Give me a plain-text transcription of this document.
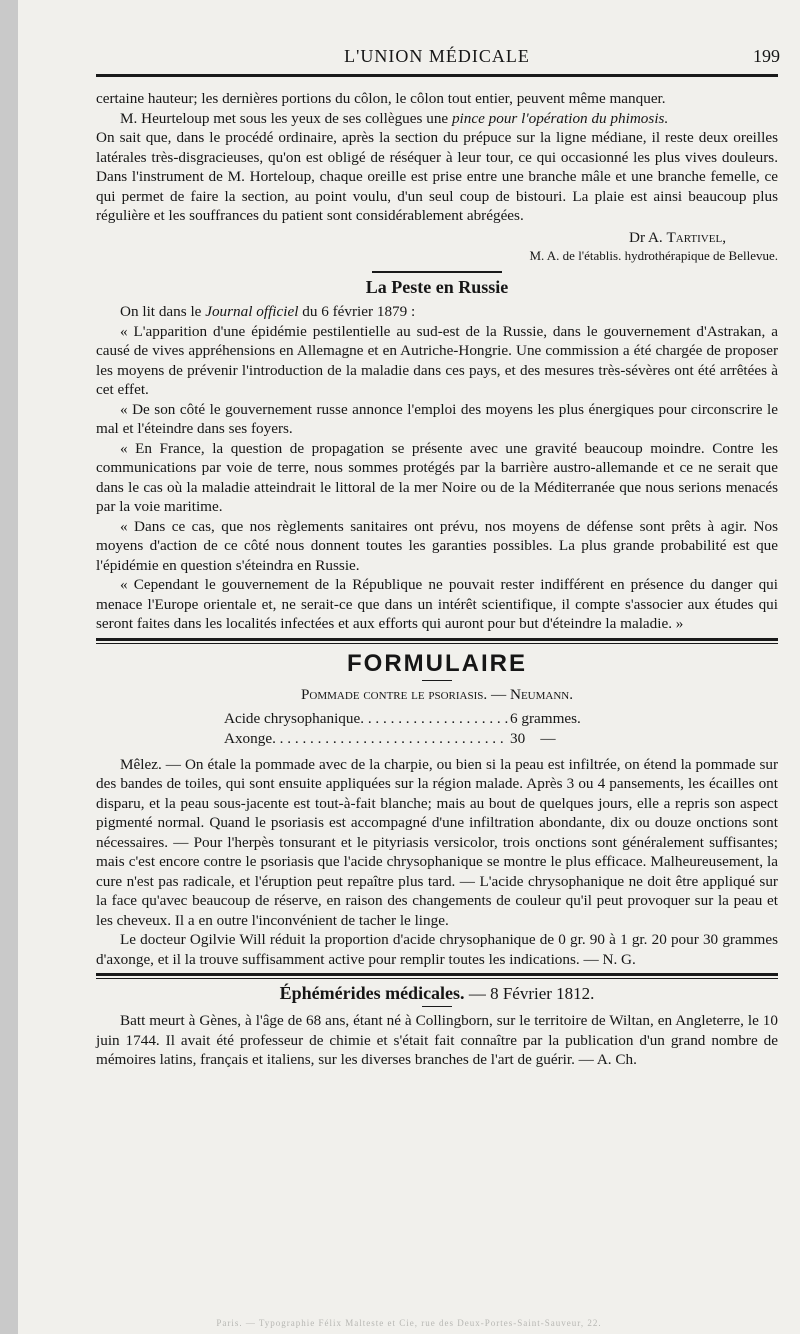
L'UNION MÉDICALE	199

certaine hauteur; les dernières portions du côlon, le côlon tout entier, peuvent même manquer.

M. Heurteloup met sous les yeux de ses collègues une pince pour l'opération du phimosis.

On sait que, dans le procédé ordinaire, après la section du prépuce sur la ligne médiane, il reste deux oreilles latérales très-disgracieuses, qu'on est obligé de réséquer à leur tour, ce qui occasionné les plus vives douleurs. Dans l'instrument de M. Horteloup, chaque oreille est prise entre une branche mâle et une branche femelle, ce qui permet de faire la section, au point voulu, d'un seul coup de bistouri. La plaie est ainsi beaucoup plus régulière et les souffrances du patient sont considérablement abrégées.

Dr A. Tartivel,
M. A. de l'établis. hydrothérapique de Bellevue.
La Peste en Russie

On lit dans le Journal officiel du 6 février 1879 :

« L'apparition d'une épidémie pestilentielle au sud-est de la Russie, dans le gouvernement d'Astrakan, a causé de vives appréhensions en Allemagne et en Autriche-Hongrie. Une commission a été chargée de proposer les moyens de prévenir l'introduction de la maladie dans ces pays, et des mesures très-sévères ont été arrêtées à cet effet.

« De son côté le gouvernement russe annonce l'emploi des moyens les plus énergiques pour circonscrire le mal et l'éteindre dans ses foyers.

« En France, la question de propagation se présente avec une gravité beaucoup moindre. Contre les communications par voie de terre, nous sommes protégés par la barrière austro-allemande et ce ne serait que dans le cas où la maladie atteindrait le littoral de la mer Noire ou de la Méditerranée que nous serions menacés par la voie maritime.

« Dans ce cas, que nos règlements sanitaires ont prévu, nos moyens de défense sont prêts à agir. Nos moyens d'action de ce côté nous donnent toutes les garanties possibles. La plus grande probabilité est que l'épidémie en question s'éteindra en Russie.

« Cependant le gouvernement de la République ne pouvait rester indifférent en présence du danger qui menace l'Europe orientale et, ne serait-ce que dans un intérêt scientifique, il compte s'associer aux études qui seront faites dans les localités infectées et aux efforts qui auront pour but d'éteindre la maladie. »

FORMULAIRE
Pommade contre le psoriasis. — Neumann.
Acide chrysophanique. . . . . . . . . . . . . . . . . . . . 6 grammes.
Axonge. . . . . . . . . . . . . . . . . . . . . . . . . . . . . . . 30    —

Mêlez. — On étale la pommade avec de la charpie, ou bien si la peau est infiltrée, on étend la pommade sur des bandes de toiles, qui sont ensuite appliquées sur la région malade. Après 3 ou 4 pansements, les écailles ont disparu, et la peau sous-jacente est tout-à-fait blanche; mais au bout de quelques jours, elle a repris son aspect pigmenté normal. Quand le psoriasis est accompagné d'une infiltration abondante, dix ou douze onctions sont nécessaires. — Pour l'herpès tonsurant et le pityriasis versicolor, trois onctions sont généralement suffisantes; mais c'est encore contre le psoriasis que l'acide chrysophanique se montre le plus efficace. Malheureusement, la cure n'est pas radicale, et l'éruption peut repaître plus tard. — L'acide chrysophanique ne doit être appliqué sur la face qu'avec beaucoup de réserve, en raison des changements de couleur qu'il peut provoquer sur la peau et les cheveux. Il a en outre l'inconvénient de tacher le linge.

Le docteur Ogilvie Will réduit la proportion d'acide chrysophanique de 0 gr. 90 à 1 gr. 20 pour 30 grammes d'axonge, et il la trouve suffisamment active pour remplir toutes les indications. — N. G.

Éphémérides médicales. — 8 Février 1812.

Batt meurt à Gènes, à l'âge de 68 ans, étant né à Collingborn, sur le territoire de Wiltan, en Angleterre, le 10 juin 1744. Il avait été professeur de chimie et s'était fait connaître par la publication d'un grand nombre de mémoires latins, français et italiens, sur les diverses branches de l'art de guérir. — A. Ch.

Paris. — Typographie Félix Malteste et Cie, rue des Deux-Portes-Saint-Sauveur, 22.
